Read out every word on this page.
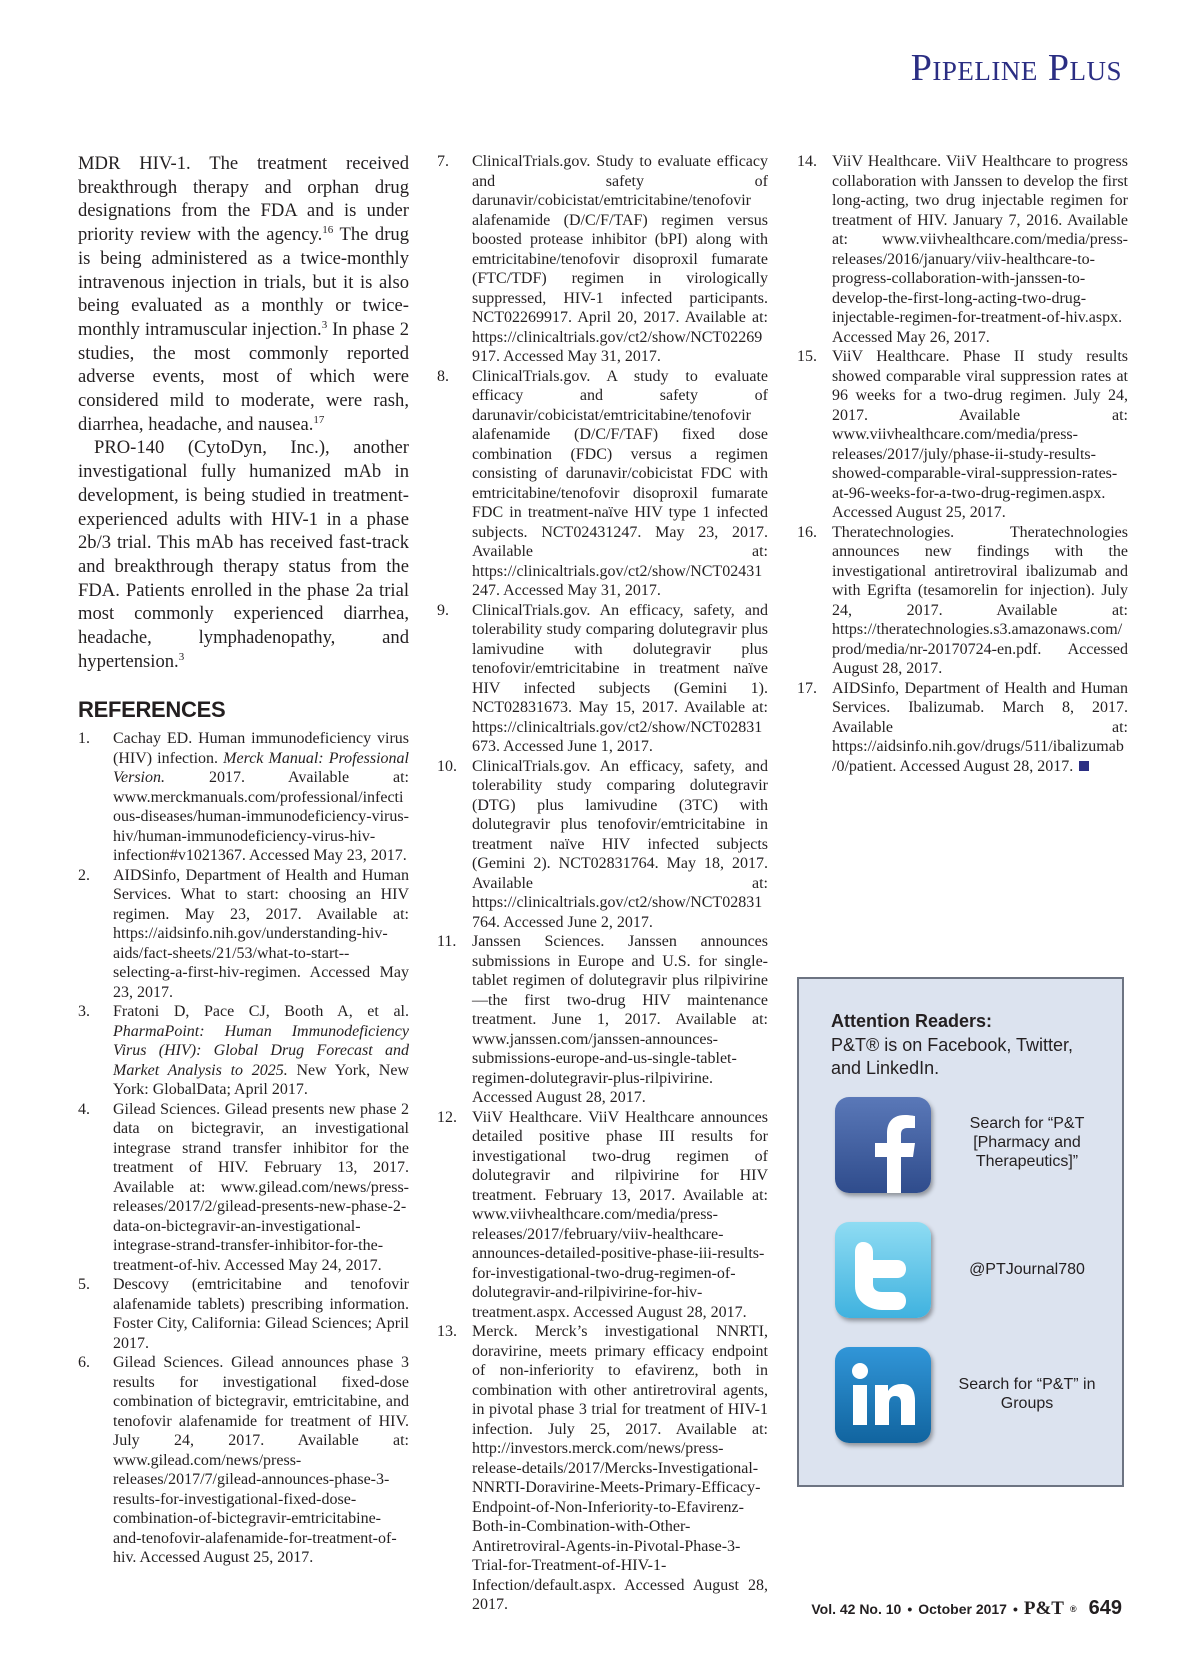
Pipeline Plus

MDR HIV-1. The treatment received breakthrough therapy and orphan drug designations from the FDA and is under priority review with the agency.$^{16}$ The drug is being administered as a twice-monthly intravenous injection in trials, but it is also being evaluated as a monthly or twice-monthly intramuscular injection.$^3$ In phase 2 studies, the most commonly reported adverse events, most of which were considered mild to moderate, were rash, diarrhea, headache, and nausea.$^{17}$

PRO-140 (CytoDyn, Inc.), another investigational fully humanized mAb in development, is being studied in treatment-experienced adults with HIV-1 in a phase 2b/3 trial. This mAb has received fast-track and breakthrough therapy status from the FDA. Patients enrolled in the phase 2a trial most commonly experienced diarrhea, headache, lymphadenopathy, and hypertension.$^3$

REFERENCES
1. Cachay ED. Human immunodeficiency virus (HIV) infection. Merck Manual: Professional Version. 2017. Available at: www.merckmanuals.com/professional/infectious-diseases/human-immunodeficiency-virus-hiv/human-immunodeficiency-virus-hiv-infection#v1021367. Accessed May 23, 2017.
2. AIDSinfo, Department of Health and Human Services. What to start: choosing an HIV regimen. May 23, 2017. Available at: https://aidsinfo.nih.gov/understanding-hiv-aids/fact-sheets/21/53/what-to-start--selecting-a-first-hiv-regimen. Accessed May 23, 2017.
3. Fratoni D, Pace CJ, Booth A, et al. PharmaPoint: Human Immunodeficiency Virus (HIV): Global Drug Forecast and Market Analysis to 2025. New York, New York: GlobalData; April 2017.
4. Gilead Sciences. Gilead presents new phase 2 data on bictegravir, an investigational integrase strand transfer inhibitor for the treatment of HIV. February 13, 2017. Available at: www.gilead.com/news/press-releases/2017/2/gilead-presents-new-phase-2-data-on-bictegravir-an-investigational-integrase-strand-transfer-inhibitor-for-the-treatment-of-hiv. Accessed May 24, 2017.
5. Descovy (emtricitabine and tenofovir alafenamide tablets) prescribing information. Foster City, California: Gilead Sciences; April 2017.
6. Gilead Sciences. Gilead announces phase 3 results for investigational fixed-dose combination of bictegravir, emtricitabine, and tenofovir alafenamide for treatment of HIV. July 24, 2017. Available at: www.gilead.com/news/press-releases/2017/7/gilead-announces-phase-3-results-for-investigational-fixed-dose-combination-of-bictegravir-emtricitabine-and-tenofovir-alafenamide-for-treatment-of-hiv. Accessed August 25, 2017.
7. ClinicalTrials.gov. Study to evaluate efficacy and safety of darunavir/cobicistat/emtricitabine/tenofovir alafenamide (D/C/F/TAF) regimen versus boosted protease inhibitor (bPI) along with emtricitabine/tenofovir disoproxil fumarate (FTC/TDF) regimen in virologically suppressed, HIV-1 infected participants. NCT02269917. April 20, 2017. Available at: https://clinicaltrials.gov/ct2/show/NCT02269917. Accessed May 31, 2017.
8. ClinicalTrials.gov. A study to evaluate efficacy and safety of darunavir/cobicistat/emtricitabine/tenofovir alafenamide (D/C/F/TAF) fixed dose combination (FDC) versus a regimen consisting of darunavir/cobicistat FDC with emtricitabine/tenofovir disoproxil fumarate FDC in treatment-naïve HIV type 1 infected subjects. NCT02431247. May 23, 2017. Available at: https://clinicaltrials.gov/ct2/show/NCT02431247. Accessed May 31, 2017.
9. ClinicalTrials.gov. An efficacy, safety, and tolerability study comparing dolutegravir plus lamivudine with dolutegravir plus tenofovir/emtricitabine in treatment naïve HIV infected subjects (Gemini 1). NCT02831673. May 15, 2017. Available at: https://clinicaltrials.gov/ct2/show/NCT02831673. Accessed June 1, 2017.
10. ClinicalTrials.gov. An efficacy, safety, and tolerability study comparing dolutegravir (DTG) plus lamivudine (3TC) with dolutegravir plus tenofovir/emtricitabine in treatment naïve HIV infected subjects (Gemini 2). NCT02831764. May 18, 2017. Available at: https://clinicaltrials.gov/ct2/show/NCT02831764. Accessed June 2, 2017.
11. Janssen Sciences. Janssen announces submissions in Europe and U.S. for single-tablet regimen of dolutegravir plus rilpivirine—the first two-drug HIV maintenance treatment. June 1, 2017. Available at: www.janssen.com/janssen-announces-submissions-europe-and-us-single-tablet-regimen-dolutegravir-plus-rilpivirine. Accessed August 28, 2017.
12. ViiV Healthcare. ViiV Healthcare announces detailed positive phase III results for investigational two-drug regimen of dolutegravir and rilpivirine for HIV treatment. February 13, 2017. Available at: www.viivhealthcare.com/media/press-releases/2017/february/viiv-healthcare-announces-detailed-positive-phase-iii-results-for-investigational-two-drug-regimen-of-dolutegravir-and-rilpivirine-for-hiv-treatment.aspx. Accessed August 28, 2017.
13. Merck. Merck’s investigational NNRTI, doravirine, meets primary efficacy endpoint of non-inferiority to efavirenz, both in combination with other antiretroviral agents, in pivotal phase 3 trial for treatment of HIV-1 infection. July 25, 2017. Available at: http://investors.merck.com/news/press-release-details/2017/Mercks-Investigational-NNRTI-Doravirine-Meets-Primary-Efficacy-Endpoint-of-Non-Inferiority-to-Efavirenz-Both-in-Combination-with-Other-Antiretroviral-Agents-in-Pivotal-Phase-3-Trial-for-Treatment-of-HIV-1-Infection/default.aspx. Accessed August 28, 2017.
14. ViiV Healthcare. ViiV Healthcare to progress collaboration with Janssen to develop the first long-acting, two drug injectable regimen for treatment of HIV. January 7, 2016. Available at: www.viivhealthcare.com/media/press-releases/2016/january/viiv-healthcare-to-progress-collaboration-with-janssen-to-develop-the-first-long-acting-two-drug-injectable-regimen-for-treatment-of-hiv.aspx. Accessed May 26, 2017.
15. ViiV Healthcare. Phase II study results showed comparable viral suppression rates at 96 weeks for a two-drug regimen. July 24, 2017. Available at: www.viivhealthcare.com/media/press-releases/2017/july/phase-ii-study-results-showed-comparable-viral-suppression-rates-at-96-weeks-for-a-two-drug-regimen.aspx. Accessed August 25, 2017.
16. Theratechnologies. Theratechnologies announces new findings with the investigational antiretroviral ibalizumab and with Egrifta (tesamorelin for injection). July 24, 2017. Available at: https://theratechnologies.s3.amazonaws.com/prod/media/nr-20170724-en.pdf. Accessed August 28, 2017.
17. AIDSinfo, Department of Health and Human Services. Ibalizumab. March 8, 2017. Available at: https://aidsinfo.nih.gov/drugs/511/ibalizumab/0/patient. Accessed August 28, 2017.
Attention Readers:
P&T® is on Facebook, Twitter, and LinkedIn.
Search for “P&T [Pharmacy and Therapeutics]”
@PTJournal780
Search for “P&T” in Groups
Vol. 42 No. 10 • October 2017 • P&T ® 649
